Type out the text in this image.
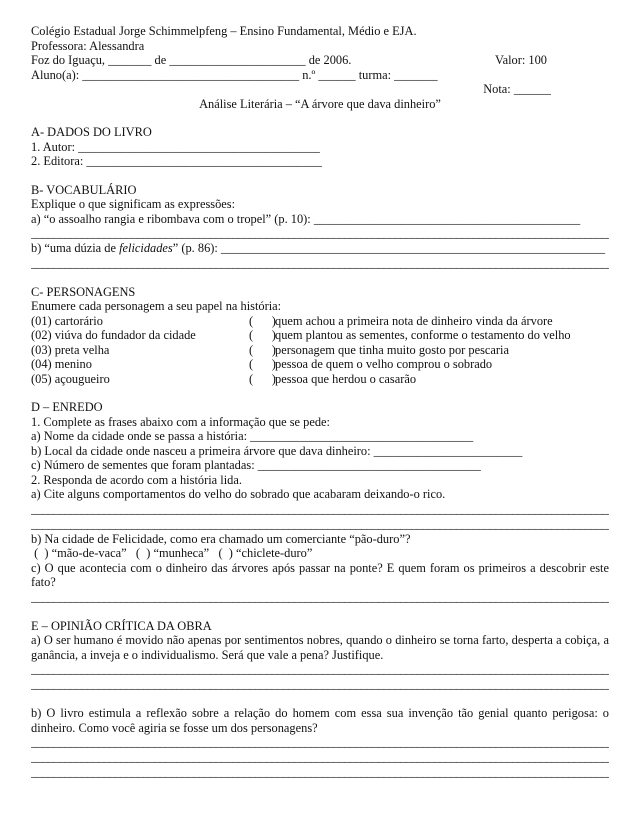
Colégio Estadual Jorge Schimmelpfeng – Ensino Fundamental, Médio e EJA.
Professora: Alessandra
Foz do Iguaçu, _______ de ______________________ de 2006.	Valor: 100
Aluno(a): ___________________________________ n.º ______ turma: _______
Nota: ______
Análise Literária – “A árvore que dava dinheiro”
A- DADOS DO LIVRO
1. Autor: _______________________________________
2. Editora: ______________________________________
B- VOCABULÁRIO
Explique o que significam as expressões:
a) “o assoalho rangia e ribombava com o tropel” (p. 10): ___________________________________________
_____
b) “uma dúzia de felicidades” (p. 86): ______________________________________________________________
_____
C- PERSONAGENS
Enumere cada personagem a seu papel na história:
(01) cartorário	(      ) quem achou a primeira nota de dinheiro vinda da árvore
(02) viúva do fundador da cidade	(      ) quem plantou as sementes, conforme o testamento do velho
(03) preta velha	(      ) personagem que tinha muito gosto por pescaria
(04) menino	(      ) pessoa de quem o velho comprou o sobrado
(05) açougueiro	(      ) pessoa que herdou o casarão
D – ENREDO
1. Complete as frases abaixo com a informação que se pede:
a) Nome da cidade onde se passa a história: ____________________________________
b) Local da cidade onde nasceu a primeira árvore que dava dinheiro: ________________________
c) Número de sementes que foram plantadas: ____________________________________
2. Responda de acordo com a história lida.
a) Cite alguns comportamentos do velho do sobrado que acabaram deixando-o rico.
_____
_____
b) Na cidade de Felicidade, como era chamado um comerciante “pão-duro”?
(  ) “mão-de-vaca”   (  ) “munheca”   (  ) “chiclete-duro”
c) O que acontecia com o dinheiro das árvores após passar na ponte? E quem foram os primeiros a descobrir este fato?
_____
E – OPINIÃO CRÍTICA DA OBRA
a) O ser humano é movido não apenas por sentimentos nobres, quando o dinheiro se torna farto, desperta a cobiça, a ganância, a inveja e o individualismo. Será que vale a pena? Justifique.
_____
_____
b) O livro estimula a reflexão sobre a relação do homem com essa sua invenção tão genial quanto perigosa: o dinheiro. Como você agiria se fosse um dos personagens?
_____
_____
_____
